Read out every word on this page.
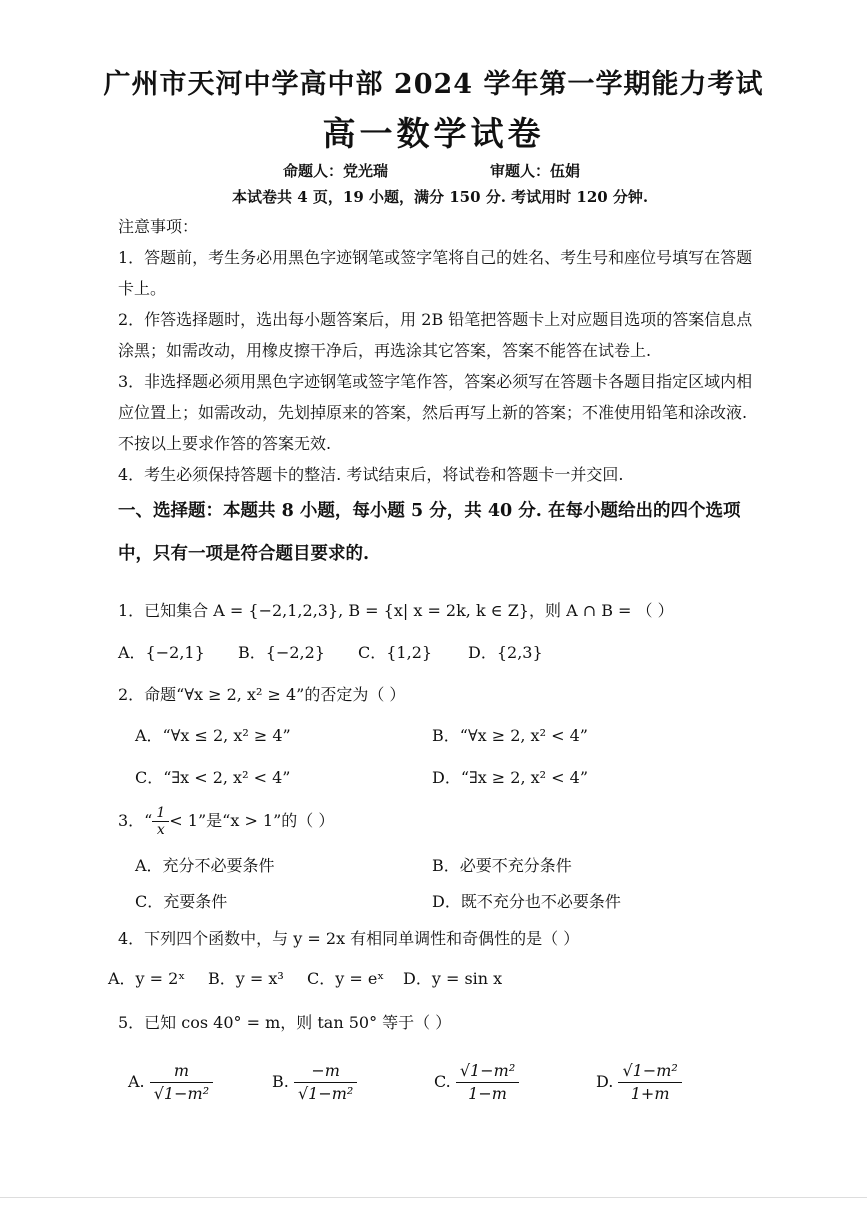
广州市天河中学高中部 2024 学年第一学期能力考试
高一数学试卷
命题人：党光瑞	审题人：伍娟
本试卷共 4 页，19 小题，满分 150 分. 考试用时 120 分钟.
注意事项：
1．答题前，考生务必用黑色字迹钢笔或签字笔将自己的姓名、考生号和座位号填写在答题
卡上。
2．作答选择题时，选出每小题答案后，用 2B 铅笔把答题卡上对应题目选项的答案信息点
涂黑；如需改动，用橡皮擦干净后，再选涂其它答案，答案不能答在试卷上.
3．非选择题必须用黑色字迹钢笔或签字笔作答，答案必须写在答题卡各题目指定区域内相
应位置上；如需改动，先划掉原来的答案，然后再写上新的答案；不准使用铅笔和涂改液.
不按以上要求作答的答案无效.
4．考生必须保持答题卡的整洁. 考试结束后，将试卷和答题卡一并交回.
一、选择题：本题共 8 小题，每小题 5 分，共 40 分. 在每小题给出的四个选项
中，只有一项是符合题目要求的.
1．已知集合 A = {−2,1,2,3}, B = {x| x = 2k, k ∈ Z}，则 A ∩ B = （ ）
A．{−2,1} B．{−2,2} C．{1,2} D．{2,3}
2．命题“∀x ≥ 2, x² ≥ 4”的否定为（ ）
A．“∀x ≤ 2, x² ≥ 4”	B．“∀x ≥ 2, x² < 4”
C．“∃x < 2, x² < 4”	D．“∃x ≥ 2, x² < 4”
3．“ $\frac{1}{x} < 1$”是“x > 1”的（ ）
A．充分不必要条件	B．必要不充分条件
C．充要条件	D．既不充分也不必要条件
4．下列四个函数中，与 y = 2x 有相同单调性和奇偶性的是（ ）
A．y = 2ˣ B．y = x³ C．y = eˣ D．y = sin x
5．已知 cos 40° = m，则 tan 50° 等于（ ）
A. $\frac{m}{\text{√1−m²}}$	B. $\frac{-m}{\text{√1−m²}}$	C. $\frac{\text{√1−m²}}{1-m}$	D. $\frac{\text{√1−m²}}{1+m}$
